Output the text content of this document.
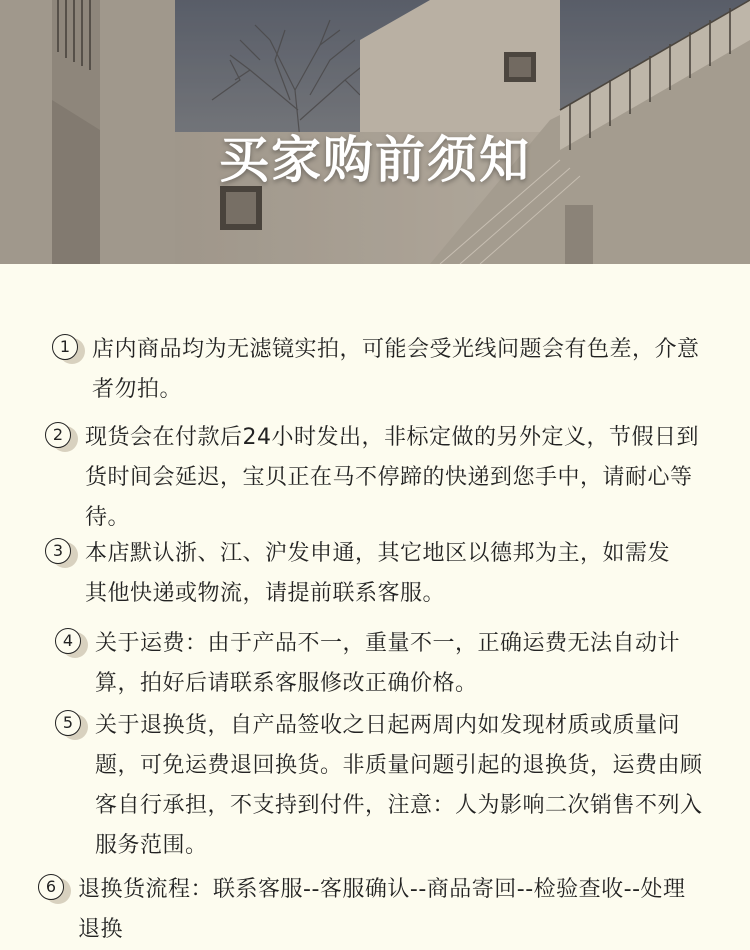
买家购前须知
1 店内商品均为无滤镜实拍，可能会受光线问题会有色差，介意者勿拍。

2 现货会在付款后24小时发出，非标定做的另外定义，节假日到货时间会延迟，宝贝正在马不停蹄的快递到您手中，请耐心等待。

3 本店默认浙、江、沪发申通，其它地区以德邦为主，如需发其他快递或物流，请提前联系客服。

4 关于运费：由于产品不一，重量不一，正确运费无法自动计算，拍好后请联系客服修改正确价格。

5 关于退换货，自产品签收之日起两周内如发现材质或质量问题，可免运费退回换货。非质量问题引起的退换货，运费由顾客自行承担，不支持到付件，注意：人为影响二次销售不列入服务范围。

6 退换货流程：联系客服--客服确认--商品寄回--检验查收--处理退换
